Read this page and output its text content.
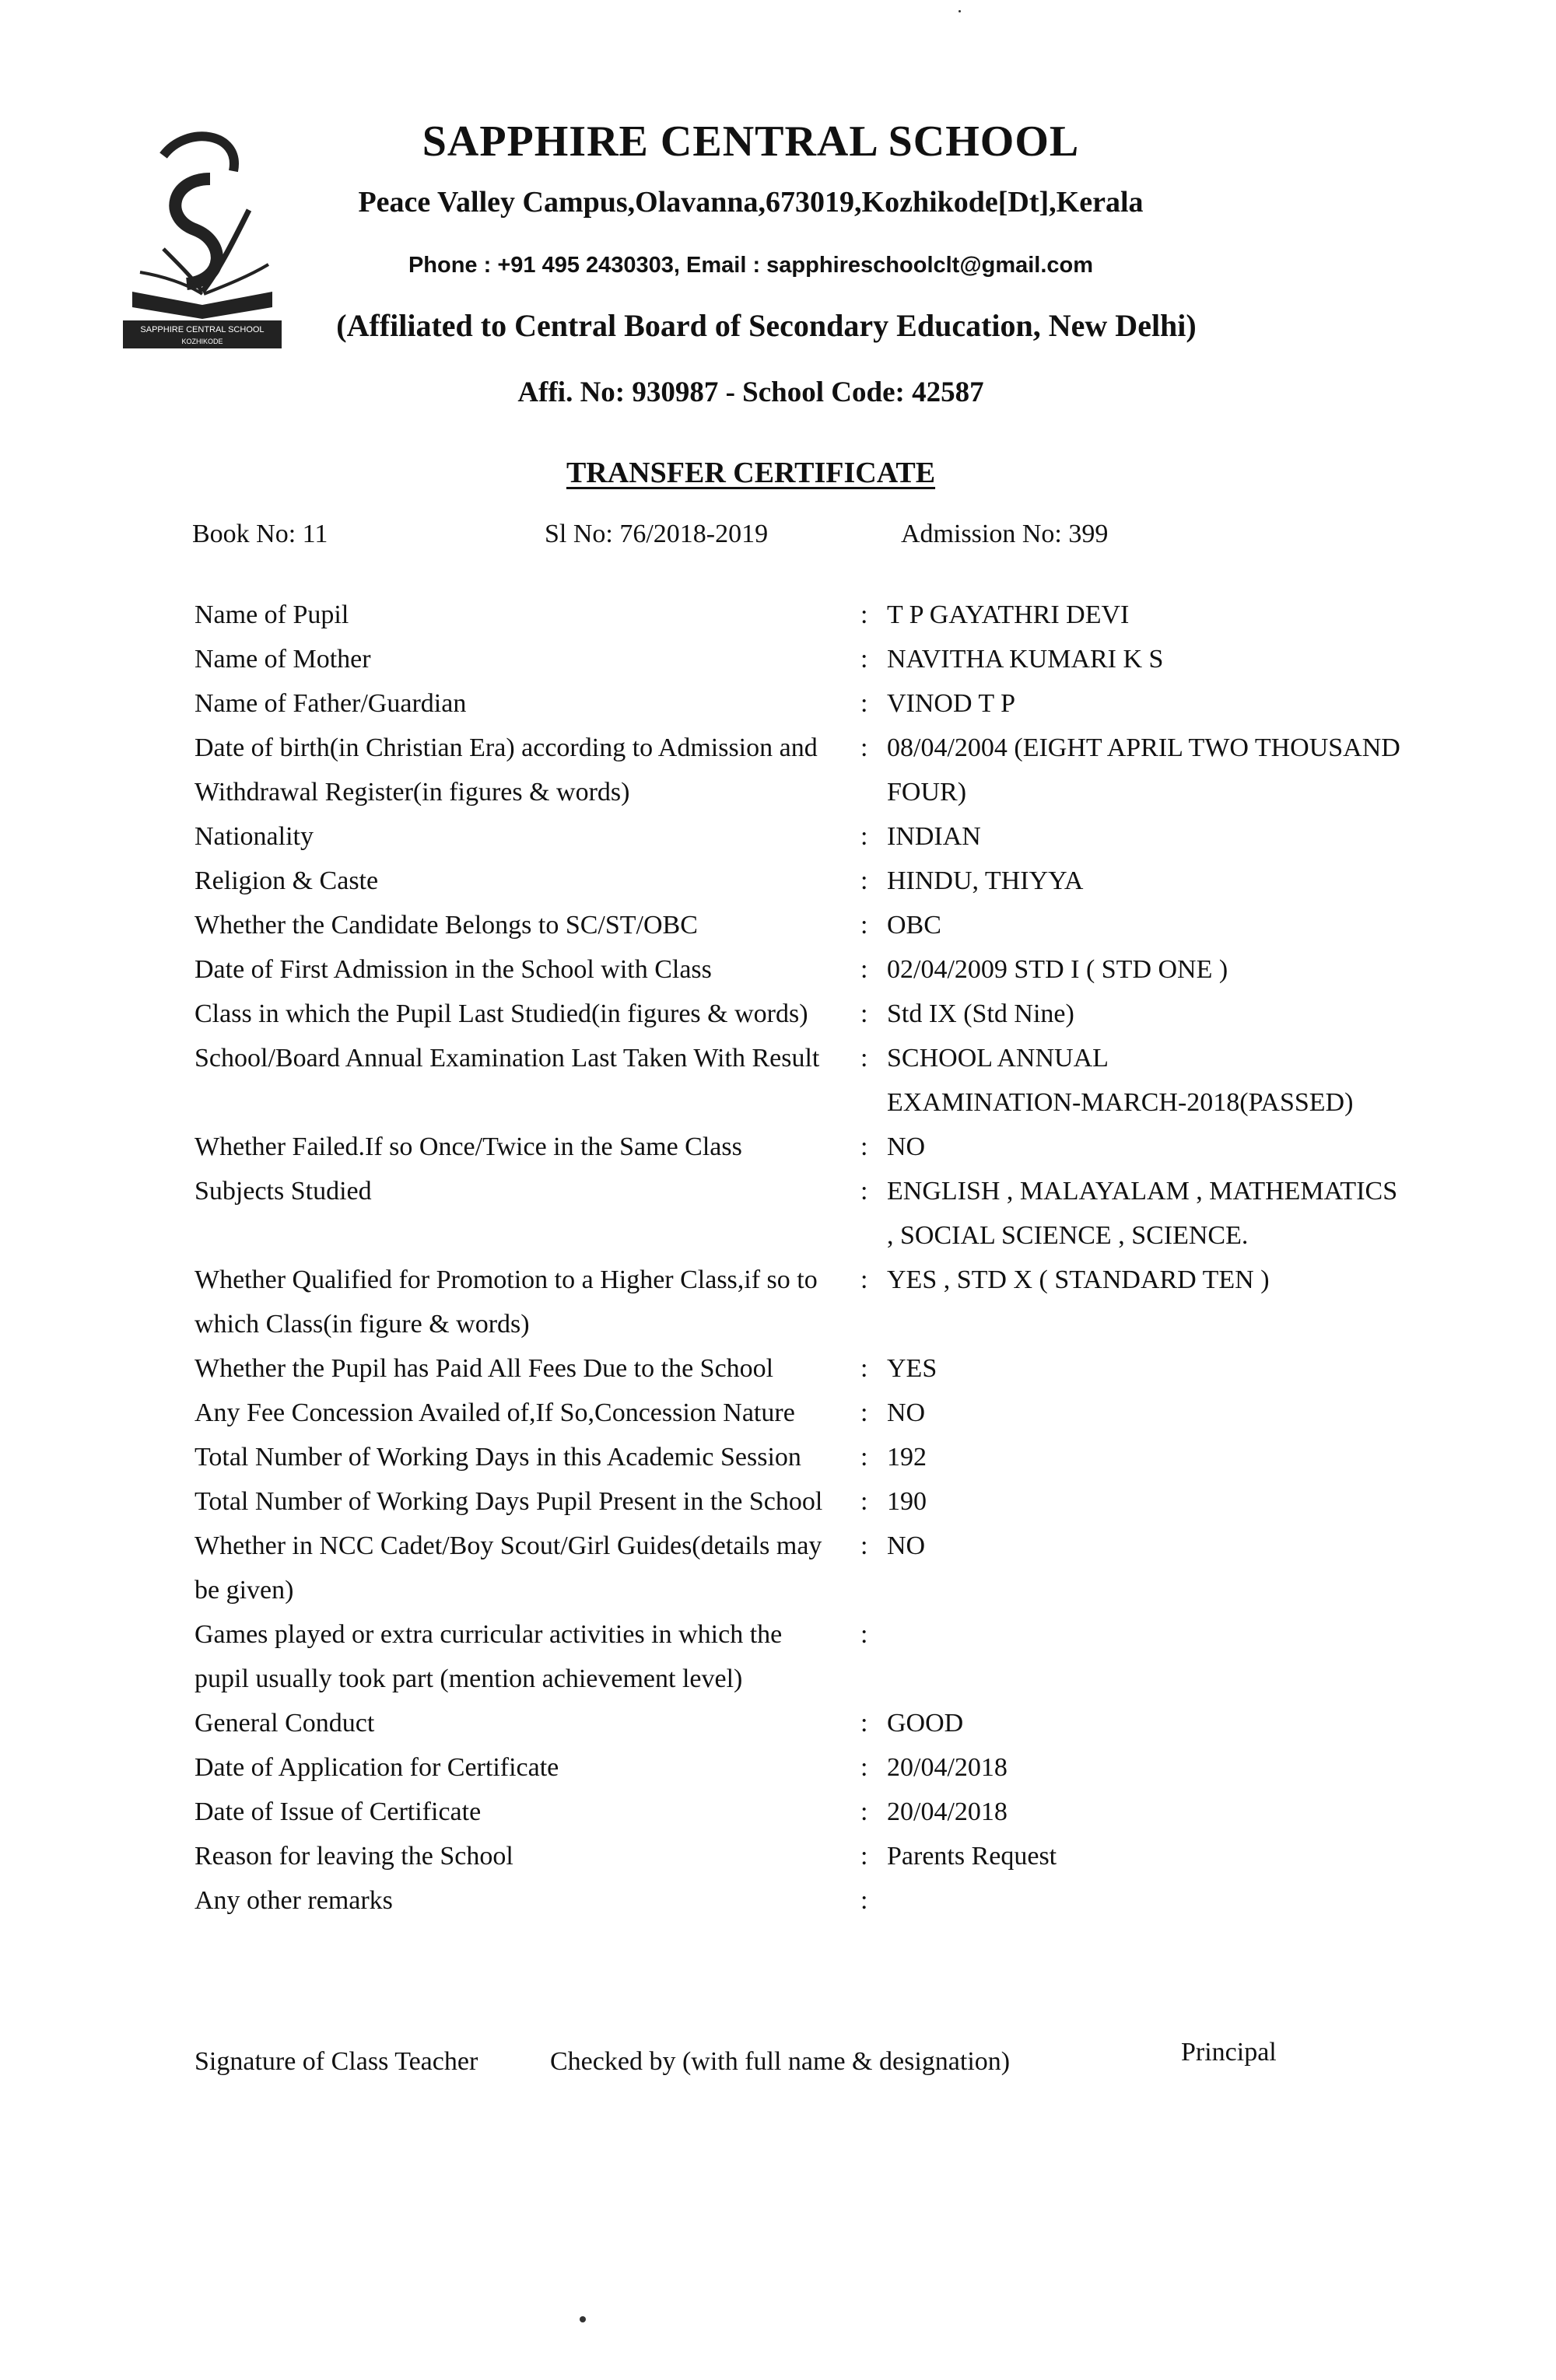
SAPPHIRE CENTRAL SCHOOL
KOZHIKODE
SAPPHIRE CENTRAL SCHOOL
Peace Valley Campus,Olavanna,673019,Kozhikode[Dt],Kerala
Phone : +91 495 2430303, Email : sapphireschoolclt@gmail.com
(Affiliated to Central Board of Secondary Education, New Delhi)
Affi. No: 930987 - School Code: 42587
TRANSFER CERTIFICATE
Book No: 11	Sl No: 76/2018-2019	Admission No: 399
Name of Pupil	: T P GAYATHRI DEVI
Name of Mother	: NAVITHA KUMARI K S
Name of Father/Guardian	: VINOD T P
Date of birth(in Christian Era) according to Admission and
Withdrawal Register(in figures & words)
: 08/04/2004 (EIGHT APRIL TWO THOUSAND
FOUR)
Nationality	: INDIAN
Religion & Caste	: HINDU, THIYYA
Whether the Candidate Belongs to SC/ST/OBC	: OBC
Date of First Admission in the School with Class	: 02/04/2009 STD I ( STD ONE )
Class in which the Pupil Last Studied(in figures & words) : Std IX (Std Nine)
School/Board Annual Examination Last Taken With Result : SCHOOL ANNUAL
EXAMINATION-MARCH-2018(PASSED)
Whether Failed.If so Once/Twice in the Same Class	: NO
Subjects Studied	: ENGLISH , MALAYALAM , MATHEMATICS
, SOCIAL SCIENCE , SCIENCE.
Whether Qualified for Promotion to a Higher Class,if so to
which Class(in figure & words)
: YES , STD X ( STANDARD TEN )
Whether the Pupil has Paid All Fees Due to the School	: YES
Any Fee Concession Availed of,If So,Concession Nature : NO
Total Number of Working Days in this Academic Session : 192
Total Number of Working Days Pupil Present in the School : 190
Whether in NCC Cadet/Boy Scout/Girl Guides(details may
be given)
: NO
Games played or extra curricular activities in which the
pupil usually took part (mention achievement level)
:
General Conduct	: GOOD
Date of Application for Certificate	: 20/04/2018
Date of Issue of Certificate	: 20/04/2018
Reason for leaving the School	: Parents Request
Any other remarks	:
Signature of Class Teacher	Checked by (with full name & designation)	Principal
